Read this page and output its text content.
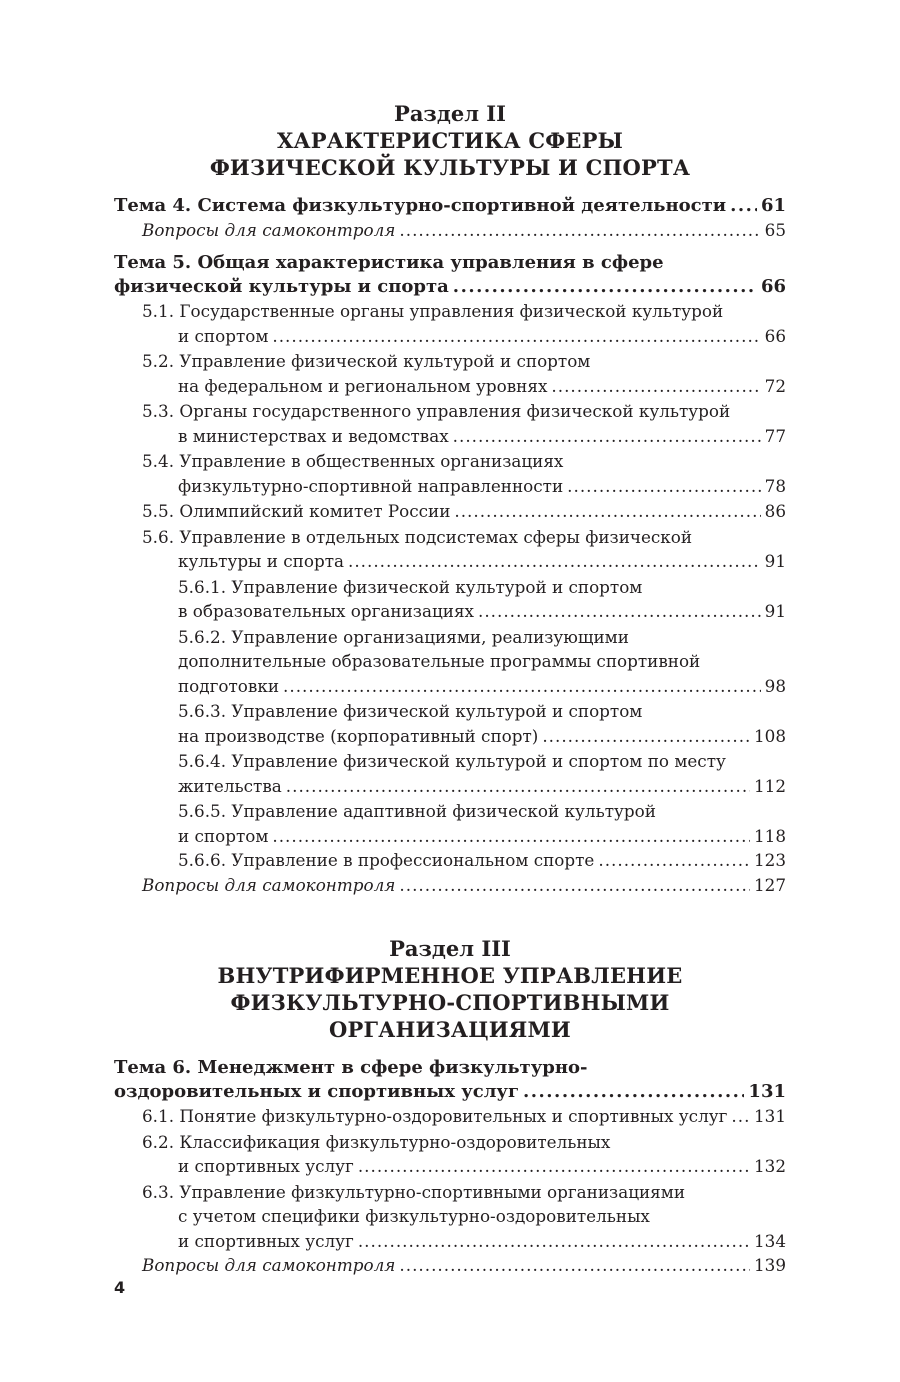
Раздел II
ХАРАКТЕРИСТИКА СФЕРЫ
ФИЗИЧЕСКОЙ КУЛЬТУРЫ И СПОРТА
Тема 4. Система физкультурно-спортивной деятельности ..... 61
Вопросы для самоконтроля .....	65
Тема 5. Общая характеристика управления в сфере
физической культуры и спорта .....	66
5.1. Государственные органы управления физической культурой
и спортом .....	66
5.2. Управление физической культурой и спортом
на федеральном и региональном уровнях .....	72
5.3. Органы государственного управления физической культурой
в министерствах и ведомствах .....	77
5.4. Управление в общественных организациях
физкультурно-спортивной направленности .....	78
5.5. Олимпийский комитет России .....	86
5.6. Управление в отдельных подсистемах сферы физической
культуры и спорта .....	91
5.6.1. Управление физической культурой и спортом
в образовательных организациях .....	91
5.6.2. Управление организациями, реализующими
дополнительные образовательные программы спортивной
подготовки .....	98
5.6.3. Управление физической культурой и спортом
на производстве (корпоративный спорт) .....	108
5.6.4. Управление физической культурой и спортом по месту
жительства .....	112
5.6.5. Управление адаптивной физической культурой
и спортом .....	118
5.6.6. Управление в профессиональном спорте .....	123
Вопросы для самоконтроля .....	127
Раздел III
ВНУТРИФИРМЕННОЕ УПРАВЛЕНИЕ
ФИЗКУЛЬТУРНО-СПОРТИВНЫМИ ОРГАНИЗАЦИЯМИ
Тема 6. Менеджмент в сфере физкультурно-
оздоровительных и спортивных услуг .....	131
6.1. Понятие физкультурно-оздоровительных и спортивных услуг ..... 131
6.2. Классификация физкультурно-оздоровительных
и спортивных услуг .....	132
6.3. Управление физкультурно-спортивными организациями
с учетом специфики физкультурно-оздоровительных
и спортивных услуг .....	134
Вопросы для самоконтроля .....	139
4
